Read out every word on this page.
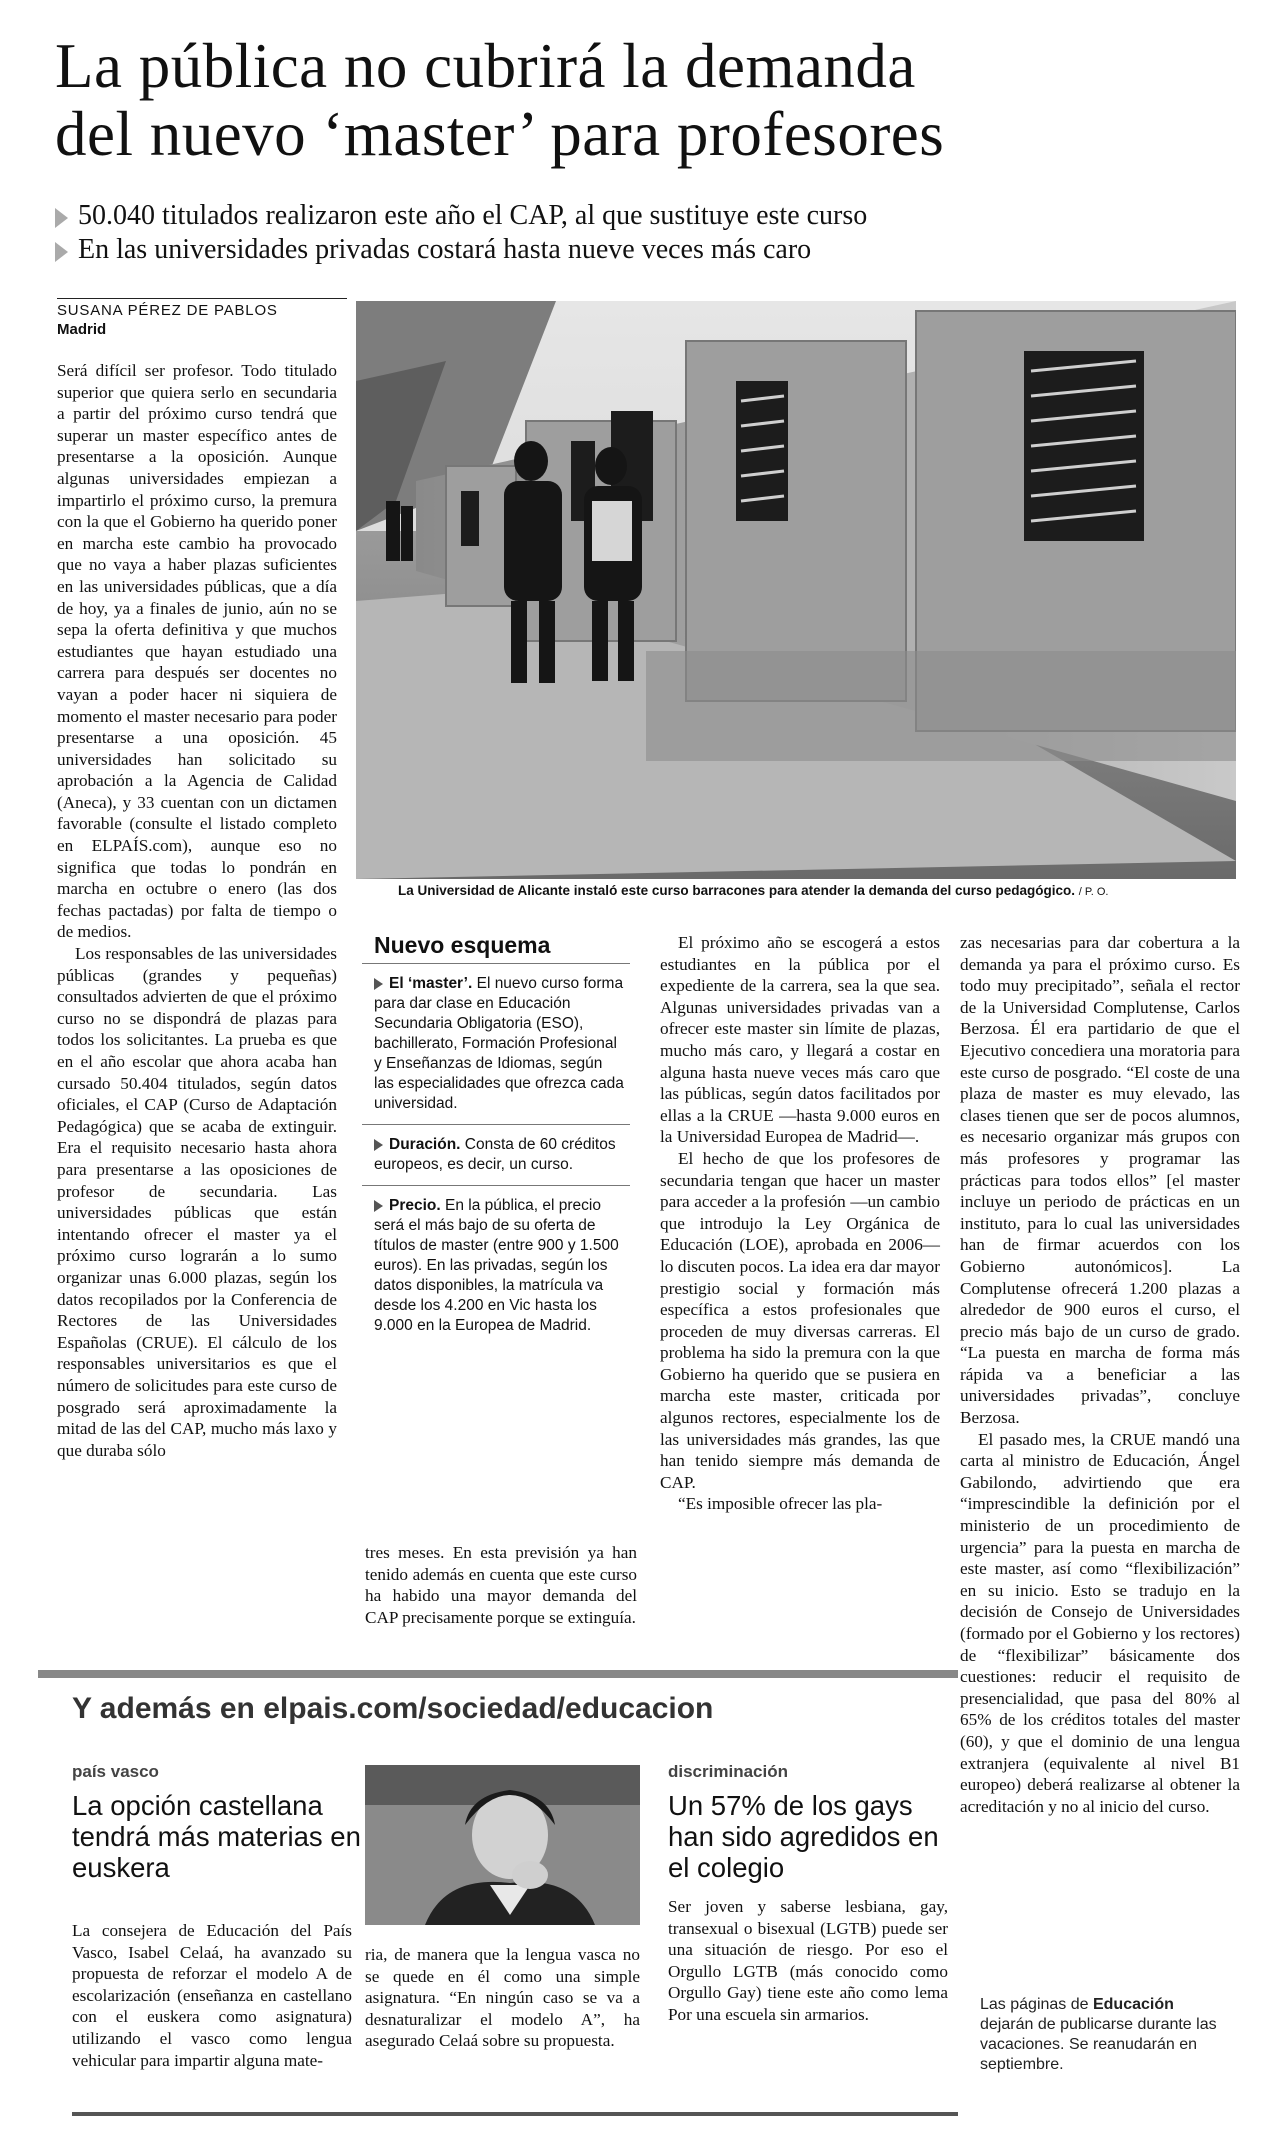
La pública no cubrirá la demanda
del nuevo ‘master’ para profesores
50.040 titulados realizaron este año el CAP, al que sustituye este curso
En las universidades privadas costará hasta nueve veces más caro
SUSANA PÉREZ DE PABLOS
Madrid
La Universidad de Alicante instaló este curso barracones para atender la demanda del curso pedagógico. / P. O.

Será difícil ser profesor. Todo titulado superior que quiera serlo en secundaria a partir del próximo curso tendrá que superar un master específico antes de presentarse a la oposición. Aunque algunas universidades empiezan a impartirlo el próximo curso, la premura con la que el Gobierno ha querido poner en marcha este cambio ha provocado que no vaya a haber plazas suficientes en las universidades públicas, que a día de hoy, ya a finales de junio, aún no se sepa la oferta definitiva y que muchos estudiantes que hayan estudiado una carrera para después ser docentes no vayan a poder hacer ni siquiera de momento el master necesario para poder presentarse a una oposición. 45 universidades han solicitado su aprobación a la Agencia de Calidad (Aneca), y 33 cuentan con un dictamen favorable (consulte el listado completo en ELPAÍS.com), aunque eso no significa que todas lo pondrán en marcha en octubre o enero (las dos fechas pactadas) por falta de tiempo o de medios.

Los responsables de las universidades públicas (grandes y pequeñas) consultados advierten de que el próximo curso no se dispondrá de plazas para todos los solicitantes. La prueba es que en el año escolar que ahora acaba han cursado 50.404 titulados, según datos oficiales, el CAP (Curso de Adaptación Pedagógica) que se acaba de extinguir. Era el requisito necesario hasta ahora para presentarse a las oposiciones de profesor de secundaria. Las universidades públicas que están intentando ofrecer el master ya el próximo curso lograrán a lo sumo organizar unas 6.000 plazas, según los datos recopilados por la Conferencia de Rectores de las Universidades Españolas (CRUE). El cálculo de los responsables universitarios es que el número de solicitudes para este curso de posgrado será aproximadamente la mitad de las del CAP, mucho más laxo y que duraba sólo

Nuevo esquema
El ‘master’. El nuevo curso forma para dar clase en Educación Secundaria Obligatoria (ESO), bachillerato, Formación Profesional y Enseñanzas de Idiomas, según las especialidades que ofrezca cada universidad.
Duración. Consta de 60 créditos europeos, es decir, un curso.
Precio. En la pública, el precio será el más bajo de su oferta de títulos de master (entre 900 y 1.500 euros). En las privadas, según los datos disponibles, la matrícula va desde los 4.200 en Vic hasta los 9.000 en la Europea de Madrid.

tres meses. En esta previsión ya han tenido además en cuenta que este curso ha habido una mayor demanda del CAP precisamente porque se extinguía.

El próximo año se escogerá a estos estudiantes en la pública por el expediente de la carrera, sea la que sea. Algunas universidades privadas van a ofrecer este master sin límite de plazas, mucho más caro, y llegará a costar en alguna hasta nueve veces más caro que las públicas, según datos facilitados por ellas a la CRUE —hasta 9.000 euros en la Universidad Europea de Madrid—.

El hecho de que los profesores de secundaria tengan que hacer un master para acceder a la profesión —un cambio que introdujo la Ley Orgánica de Educación (LOE), aprobada en 2006— lo discuten pocos. La idea era dar mayor prestigio social y formación más específica a estos profesionales que proceden de muy diversas carreras. El problema ha sido la premura con la que Gobierno ha querido que se pusiera en marcha este master, criticada por algunos rectores, especialmente los de las universidades más grandes, las que han tenido siempre más demanda de CAP.

“Es imposible ofrecer las pla-

zas necesarias para dar cobertura a la demanda ya para el próximo curso. Es todo muy precipitado”, señala el rector de la Universidad Complutense, Carlos Berzosa. Él era partidario de que el Ejecutivo concediera una moratoria para este curso de posgrado. “El coste de una plaza de master es muy elevado, las clases tienen que ser de pocos alumnos, es necesario organizar más grupos con más profesores y programar las prácticas para todos ellos” [el master incluye un periodo de prácticas en un instituto, para lo cual las universidades han de firmar acuerdos con los Gobierno autonómicos]. La Complutense ofrecerá 1.200 plazas a alrededor de 900 euros el curso, el precio más bajo de un curso de grado. “La puesta en marcha de forma más rápida va a beneficiar a las universidades privadas”, concluye Berzosa.

El pasado mes, la CRUE mandó una carta al ministro de Educación, Ángel Gabilondo, advirtiendo que era “imprescindible la definición por el ministerio de un procedimiento de urgencia” para la puesta en marcha de este master, así como “flexibilización” en su inicio. Esto se tradujo en la decisión de Consejo de Universidades (formado por el Gobierno y los rectores) de “flexibilizar” básicamente dos cuestiones: reducir el requisito de presencialidad, que pasa del 80% al 65% de los créditos totales del master (60), y que el dominio de una lengua extranjera (equivalente al nivel B1 europeo) deberá realizarse al obtener la acreditación y no al inicio del curso.

Y además en elpais.com/sociedad/educacion
país vasco
La opción castellana tendrá más materias en euskera

La consejera de Educación del País Vasco, Isabel Celaá, ha avanzado su propuesta de reforzar el modelo A de escolarización (enseñanza en castellano con el euskera como asignatura) utilizando el vasco como lengua vehicular para impartir alguna mate-

ria, de manera que la lengua vasca no se quede en él como una simple asignatura. “En ningún caso se va a desnaturalizar el modelo A”, ha asegurado Celaá sobre su propuesta.

discriminación
Un 57% de los gays han sido agredidos en el colegio

Ser joven y saberse lesbiana, gay, transexual o bisexual (LGTB) puede ser una situación de riesgo. Por eso el Orgullo LGTB (más conocido como Orgullo Gay) tiene este año como lema Por una escuela sin armarios.

Las páginas de Educación dejarán de publicarse durante las vacaciones. Se reanudarán en septiembre.
